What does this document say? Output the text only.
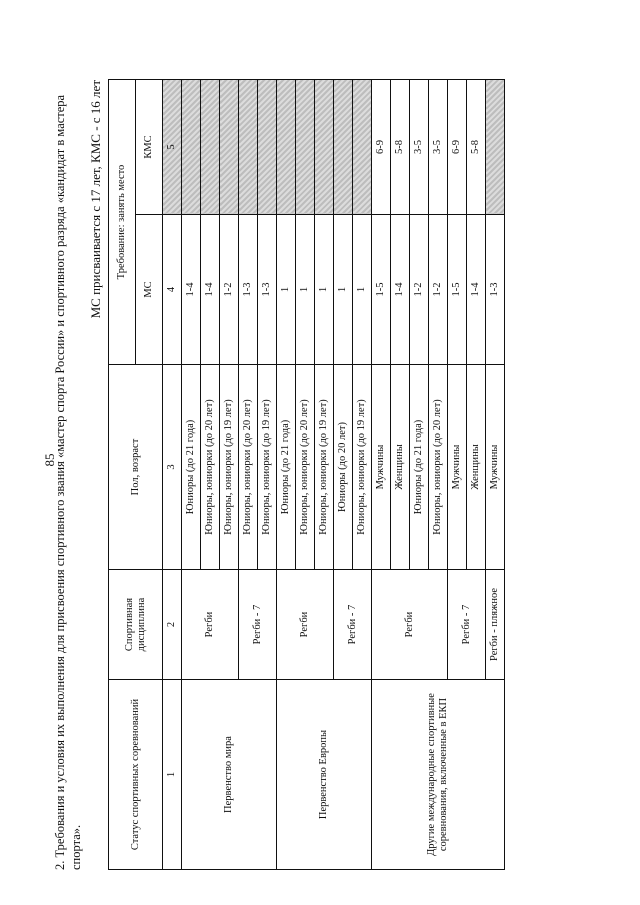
85
2. Требования и условия их выполнения для присвоения спортивного звания «мастер спорта России» и спортивного разряда «кандидат в мастера спорта».
МС присваивается с 17 лет, КМС - с 16 лет
Статус спортивных соревнований	Спортивная дисциплина	Пол, возраст	Требование: занять место	
			МС	КМС
1	2	3	4	5
Первенство мира	Регби	Юниоры (до 21 года)	1-4	
		Юниоры, юниорки (до 20 лет)	1-4	
		Юниоры, юниорки (до 19 лет)	1-2	
	Регби - 7	Юниоры, юниорки (до 20 лет)	1-3	
		Юниоры, юниорки (до 19 лет)	1-3	
Первенство Европы	Регби	Юниоры (до 21 года)	1	
		Юниоры, юниорки (до 20 лет)	1	
		Юниоры, юниорки (до 19 лет)	1	
	Регби - 7	Юниоры (до 20 лет)	1	
		Юниоры, юниорки (до 19 лет)	1	
Другие международные спортивные соревнования, включенные в ЕКП	Регби	Мужчины	1-5	6-9
		Женщины	1-4	5-8
		Юниоры (до 21 года)	1-2	3-5
		Юниоры, юниорки (до 20 лет)	1-2	3-5
	Регби - 7	Мужчины	1-5	6-9
		Женщины	1-4	5-8
	Регби - пляжное	Мужчины	1-3	
